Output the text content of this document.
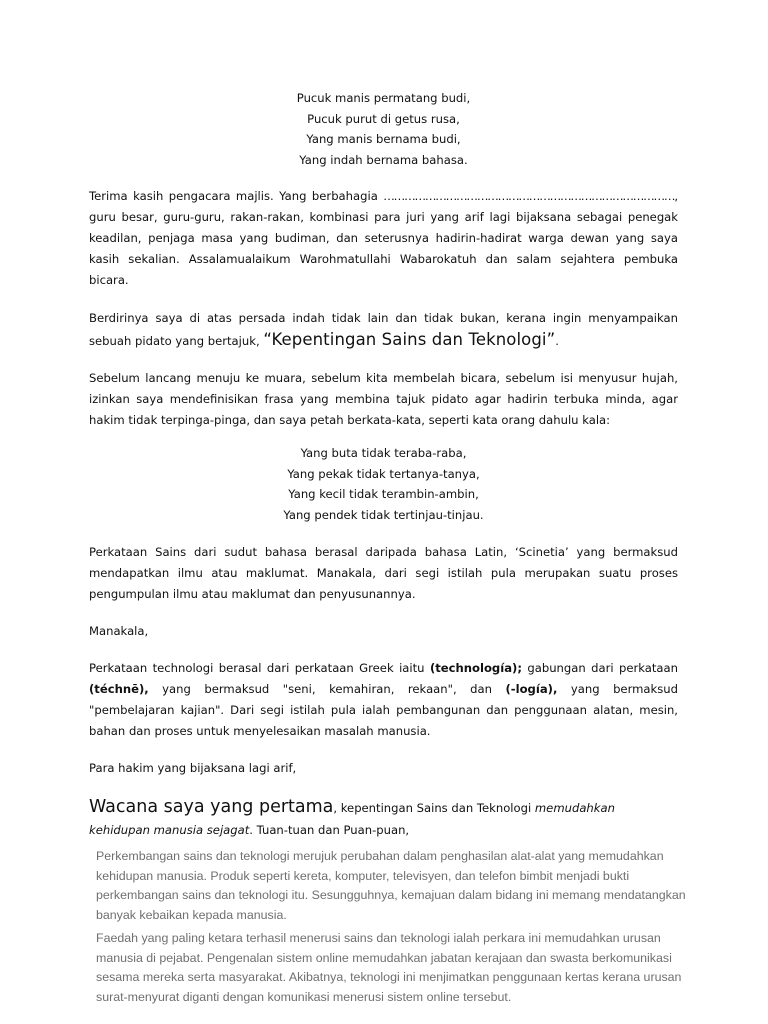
Pucuk manis permatang budi,
Pucuk purut di getus rusa,
Yang manis bernama budi,
Yang indah bernama bahasa.

Terima kasih pengacara majlis. Yang berbahagia …………………………………………………………………………, guru besar, guru-guru, rakan-rakan, kombinasi para juri yang arif lagi bijaksana sebagai penegak keadilan, penjaga masa yang budiman, dan seterusnya hadirin-hadirat warga dewan yang saya kasih sekalian. Assalamualaikum Warohmatullahi Wabarokatuh dan salam sejahtera pembuka bicara.

Berdirinya saya di atas persada indah tidak lain dan tidak bukan, kerana ingin menyampaikan sebuah pidato yang bertajuk, “Kepentingan Sains dan Teknologi”.

Sebelum lancang menuju ke muara, sebelum kita membelah bicara, sebelum isi menyusur hujah, izinkan saya mendefinisikan frasa yang membina tajuk pidato agar hadirin terbuka minda, agar hakim tidak terpinga-pinga, dan saya petah berkata-kata, seperti kata orang dahulu kala:

Yang buta tidak teraba-raba,
Yang pekak tidak tertanya-tanya,
Yang kecil tidak terambin-ambin,
Yang pendek tidak tertinjau-tinjau.

Perkataan Sains dari sudut bahasa berasal daripada bahasa Latin, ‘Scinetia’ yang bermaksud mendapatkan ilmu atau maklumat. Manakala, dari segi istilah pula merupakan suatu proses pengumpulan ilmu atau maklumat dan penyusunannya.

Manakala,

Perkataan technologi berasal dari perkataan Greek iaitu (technología); gabungan dari perkataan (téchnē), yang bermaksud "seni, kemahiran, rekaan", dan (-logía), yang bermaksud "pembelajaran kajian". Dari segi istilah pula ialah pembangunan dan penggunaan alatan, mesin, bahan dan proses untuk menyelesaikan masalah manusia.

Para hakim yang bijaksana lagi arif,

Wacana saya yang pertama, kepentingan Sains dan Teknologi memudahkan kehidupan manusia sejagat. Tuan-tuan dan Puan-puan,

Perkembangan sains dan teknologi merujuk perubahan dalam penghasilan alat-alat yang memudahkan
kehidupan manusia. Produk seperti kereta, komputer, televisyen, dan telefon bimbit menjadi bukti
perkembangan sains dan teknologi itu. Sesungguhnya, kemajuan dalam bidang ini memang mendatangkan
banyak kebaikan kepada manusia.
Faedah yang paling ketara terhasil menerusi sains dan teknologi ialah perkara ini memudahkan urusan
manusia di pejabat. Pengenalan sistem online memudahkan jabatan kerajaan dan swasta berkomunikasi
sesama mereka serta masyarakat. Akibatnya, teknologi ini menjimatkan penggunaan kertas kerana urusan
surat-menyurat diganti dengan komunikasi menerusi sistem online tersebut.
